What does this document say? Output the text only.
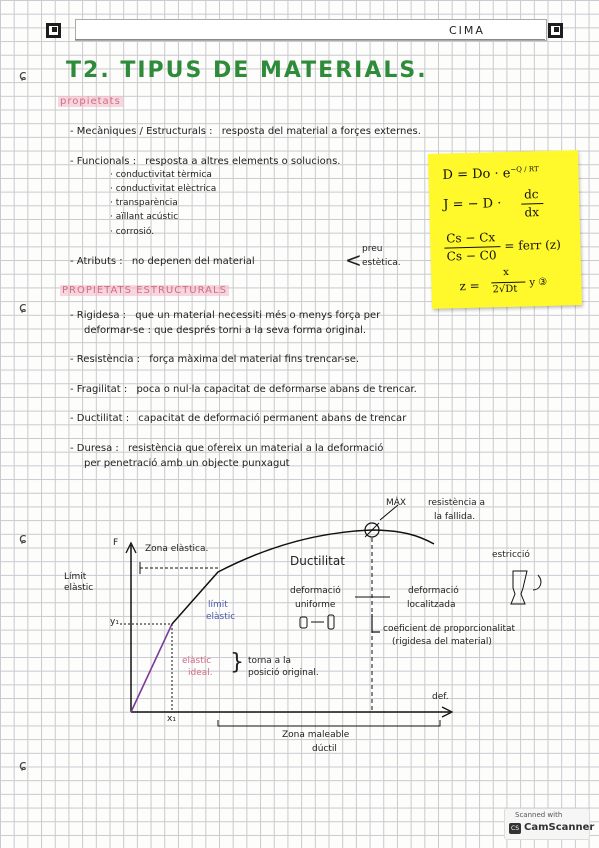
CIMA
ɕ
ɕ
ɕ
ɕ
T2. TIPUS DE MATERIALS.
propietats
- Mecàniques / Estructurals : resposta del material a forçes externes.
- Funcionals : resposta a altres elements o solucions.
· conductivitat tèrmica
· conductivitat elèctrica
· transparència
· aïllant acústic
· corrosió.
- Atributs : no depenen del material	< preu
estètica.
$D = Do \cdot e^{-Q / RT}$
J = − D ·
dc
dx
Cs − Cx
Cs − C0
= ferr (z)
z =
x
2√Dt
y ③
PROPIETATS ESTRUCTURALS
- Rigidesa : que un material necessiti més o menys força per
deformar-se : que després torni a la seva forma original.
- Resistència : força màxima del material fins trencar-se.
- Fragilitat : poca o nul·la capacitat de deformarse abans de trencar.
- Ductilitat : capacitat de deformació permanent abans de trencar
- Duresa : resistència que ofereix un material a la deformació
per penetració amb un objecte punxagut
F
def.
Zona elàstica.
Límit
elàstic
y₁
x₁
límit
elàstic
elàstic
ideal. } torna a la
posició original.
Ductilitat
deformació
uniforme
deformació
localitzada
MÀX resistència a
la fallida.
estricció
coeficient de proporcionalitat
(rigidesa del material)
Zona maleable
dúctil
Scanned with
CS CamScanner
